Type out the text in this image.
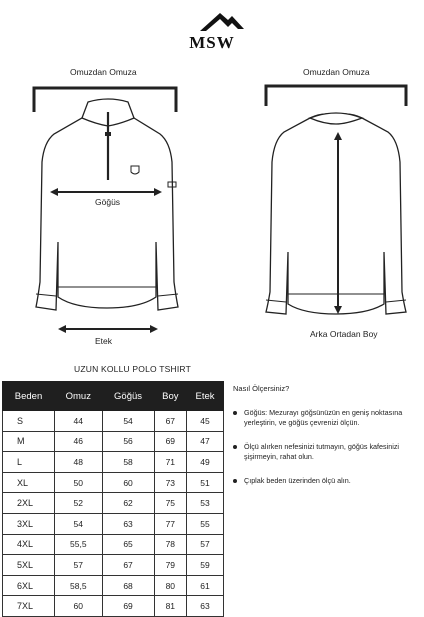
MSW
Omuzdan Omuza
Göğüs
Etek
Omuzdan Omuza
Arka Ortadan Boy
UZUN KOLLU POLO TSHIRT
Beden	Omuz	Göğüs	Boy	Etek
S	44	54	67	45
M	46	56	69	47
L	48	58	71	49
XL	50	60	73	51
2XL	52	62	75	53
3XL	54	63	77	55
4XL	55,5	65	78	57
5XL	57	67	79	59
6XL	58,5	68	80	61
7XL	60	69	81	63
Nasıl Ölçersiniz?
Göğüs: Mezurayı göğsünüzün en geniş noktasına yerleştirin, ve göğüs çevrenizi ölçün.
Ölçü alırken nefesinizi tutmayın, göğüs kafesinizi şişirmeyin, rahat olun.
Çıplak beden üzerinden ölçü alın.
